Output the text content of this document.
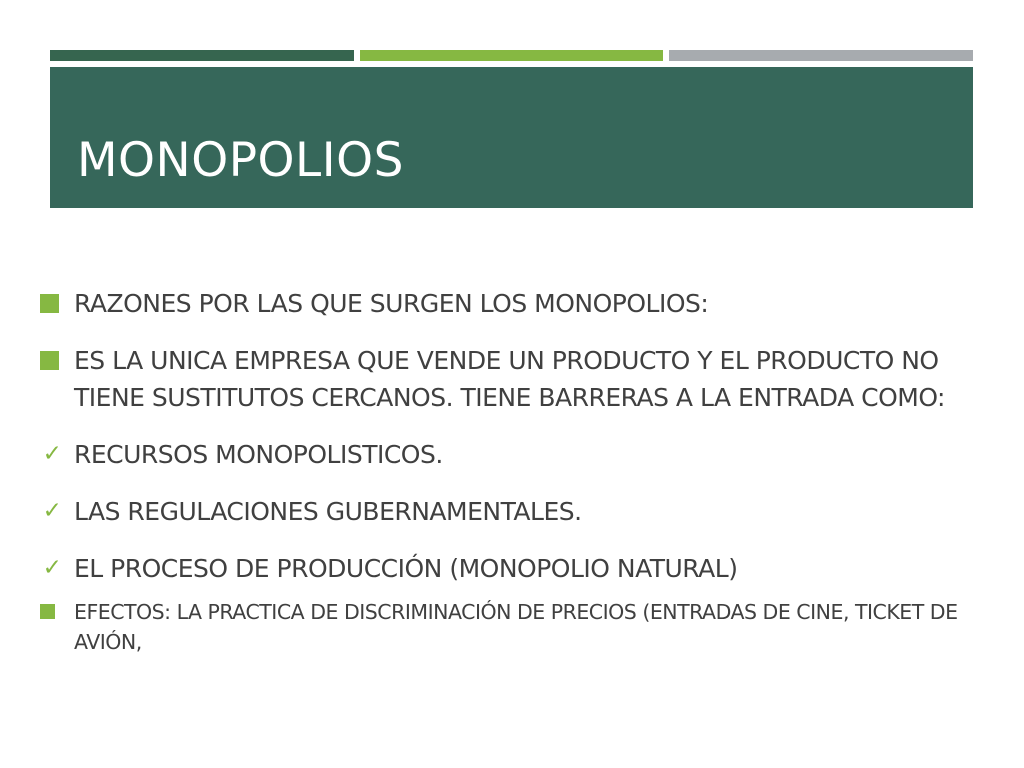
MONOPOLIOS
RAZONES POR LAS QUE SURGEN LOS MONOPOLIOS:
ES LA UNICA EMPRESA QUE VENDE UN PRODUCTO Y EL PRODUCTO NO TIENE SUSTITUTOS CERCANOS. TIENE BARRERAS A LA ENTRADA COMO:
✓ RECURSOS MONOPOLISTICOS.
✓ LAS REGULACIONES GUBERNAMENTALES.
✓ EL PROCESO DE PRODUCCIÓN (MONOPOLIO NATURAL)
EFECTOS: LA PRACTICA DE DISCRIMINACIÓN DE PRECIOS (ENTRADAS DE CINE, TICKET DE AVIÓN,
